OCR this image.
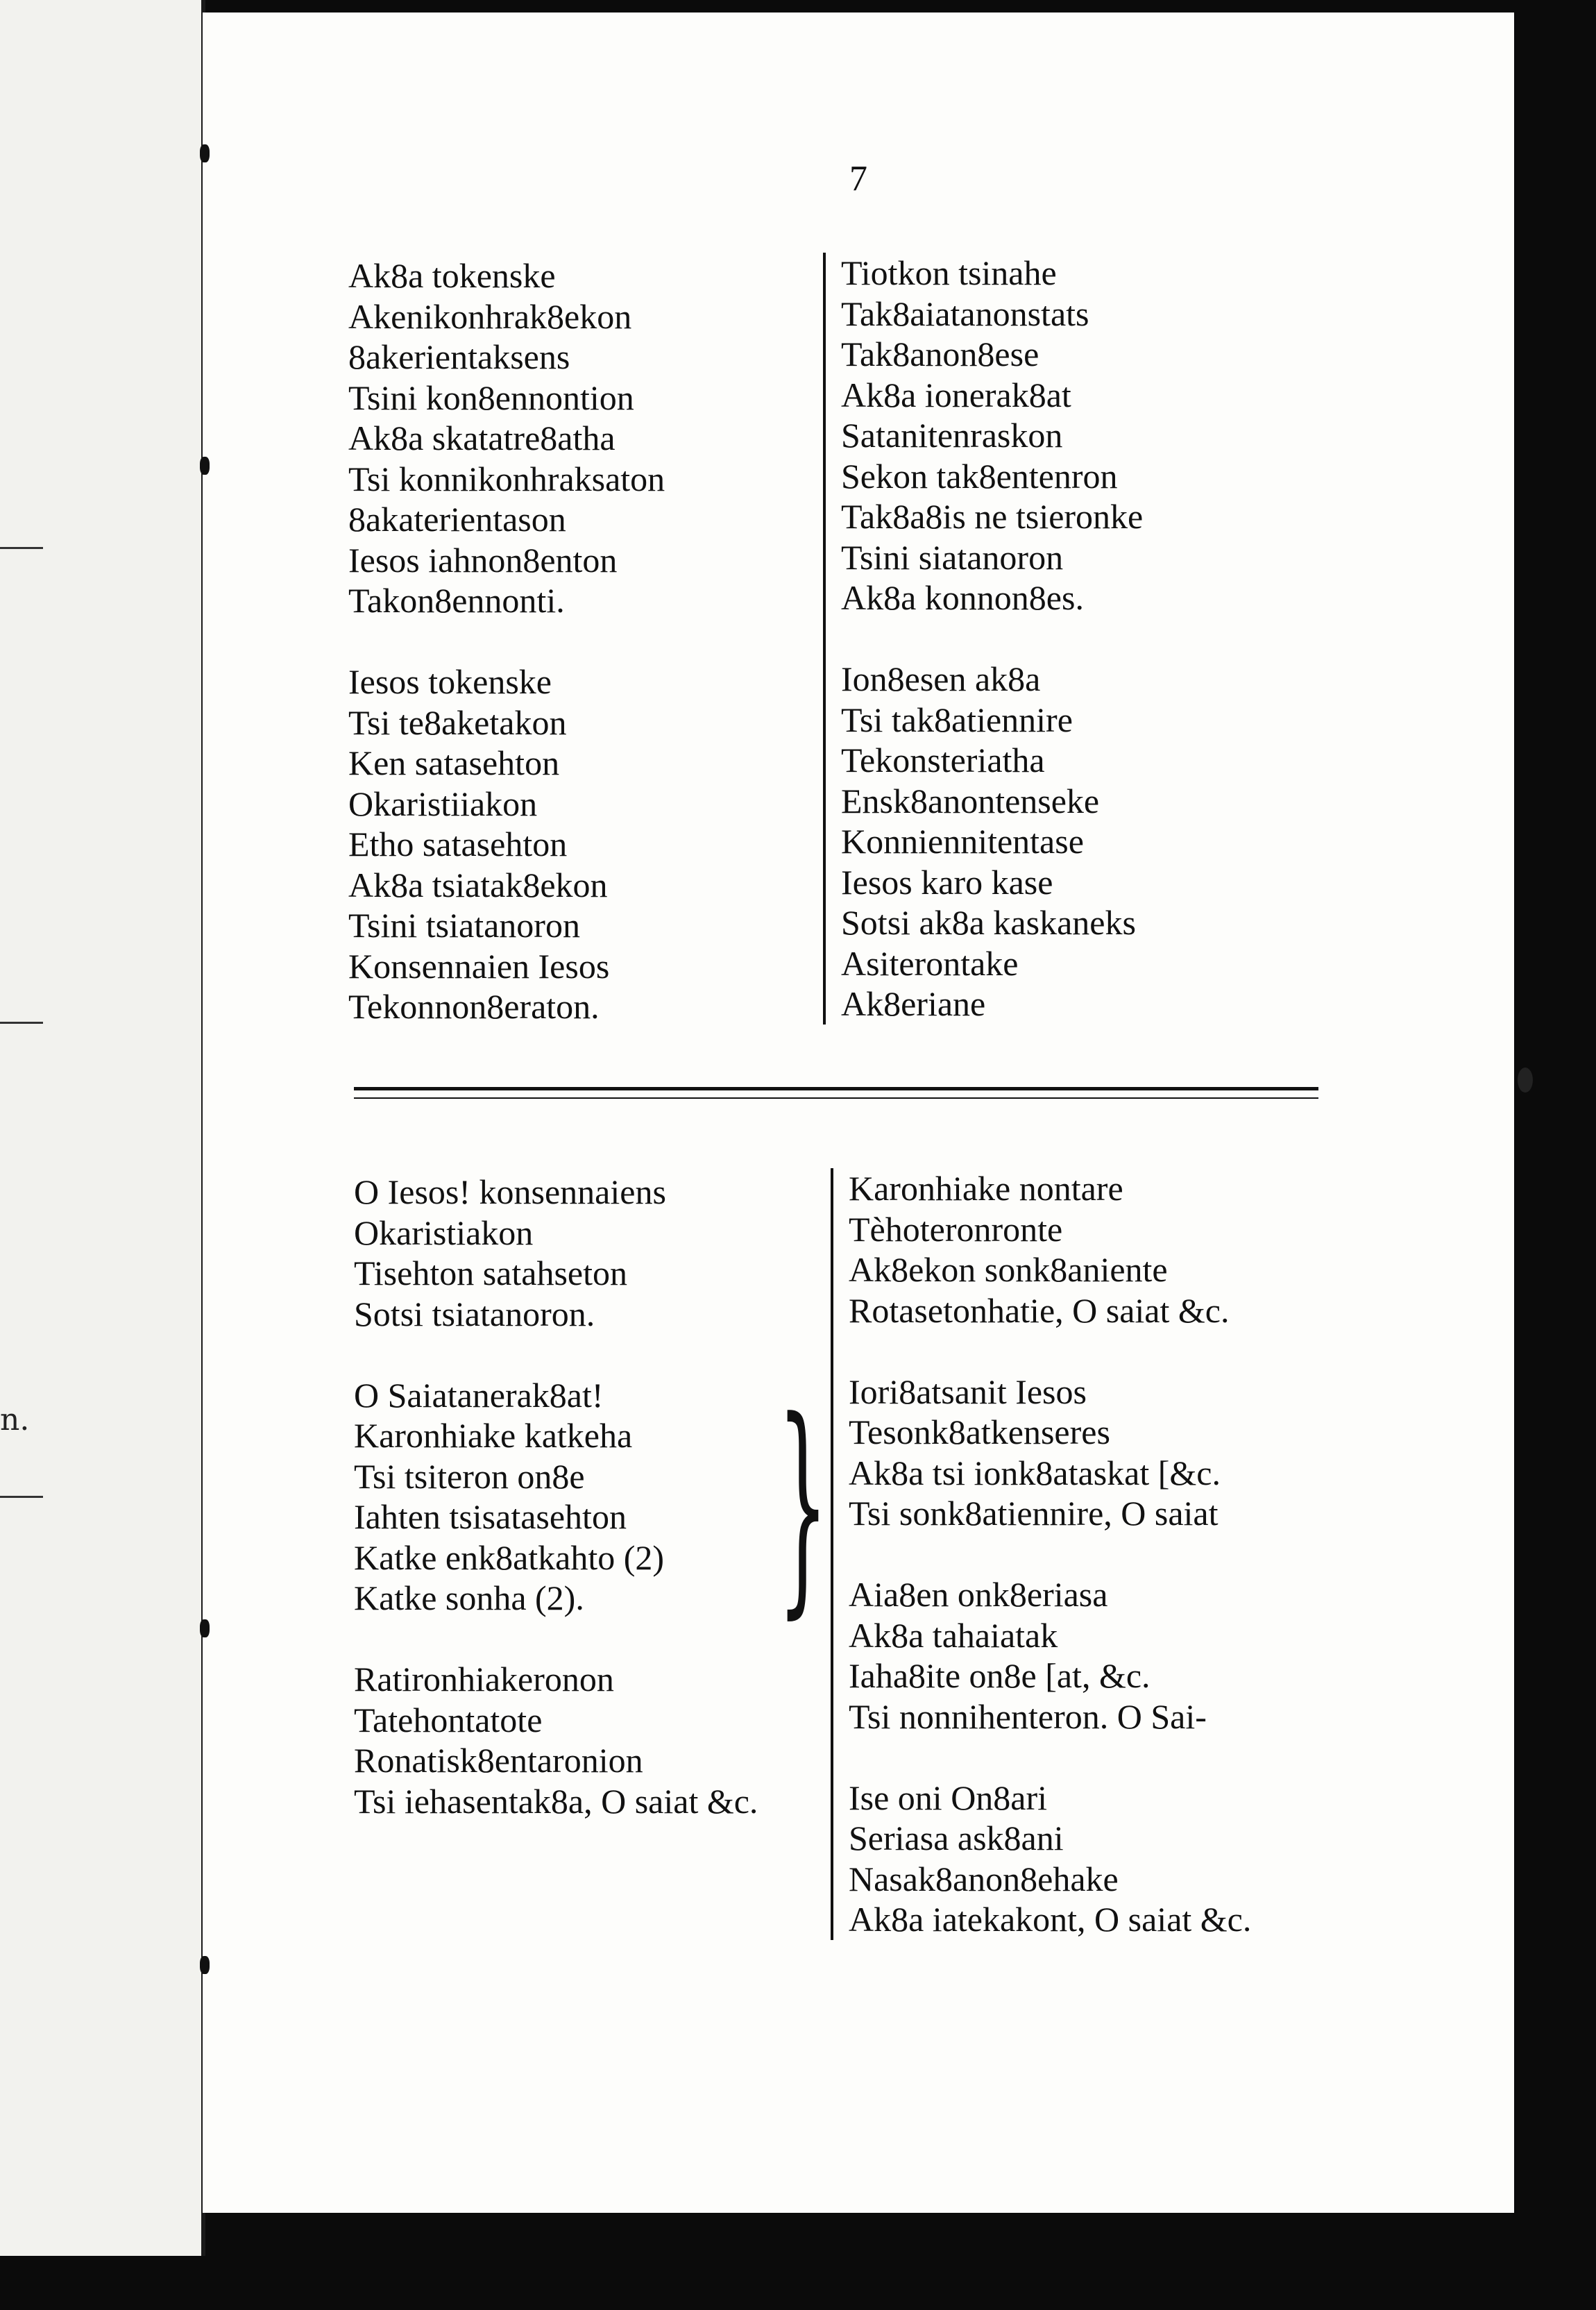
n.
7
Ak8a tokenske
Akenikonhrak8ekon
8akerientaksens
Tsini kon8ennontion
Ak8a skatatre8atha
Tsi konnikonhraksaton
8akaterientason
Iesos iahnon8enton
Takon8ennonti.
Iesos tokenske
Tsi te8aketakon
Ken satasehton
Okaristiiakon
Etho satasehton
Ak8a tsiatak8ekon
Tsini tsiatanoron
Konsennaien Iesos
Tekonnon8eraton.
Tiotkon tsinahe
Tak8aiatanonstats
Tak8anon8ese
Ak8a ionerak8at
Satanitenraskon
Sekon tak8entenron
Tak8a8is ne tsieronke
Tsini siatanoron
Ak8a konnon8es.
Ion8esen ak8a
Tsi tak8atiennire
Tekonsteriatha
Ensk8anontenseke
Konniennitentase
Iesos karo kase
Sotsi ak8a kaskaneks
Asiterontake
Ak8eriane
O Iesos! konsennaiens
Okaristiakon
Tisehton satahseton
Sotsi tsiatanoron.
O Saiatanerak8at!
Karonhiake katkeha
Tsi tsiteron on8e
Iahten tsisatasehton
Katke enk8atkahto (2)
Katke sonha (2).
Ratironhiakeronon
Tatehontatote
Ronatisk8entaronion
Tsi iehasentak8a, O saiat &c.
}
Karonhiake nontare
Tèhoteronronte
Ak8ekon sonk8aniente
Rotasetonhatie, O saiat &c.
Iori8atsanit Iesos
Tesonk8atkenseres
Ak8a tsi ionk8ataskat [&c.
Tsi sonk8atiennire, O saiat
Aia8en onk8eriasa
Ak8a tahaiatak
Iaha8ite on8e [at, &c.
Tsi nonnihenteron. O Sai-
Ise oni On8ari
Seriasa ask8ani
Nasak8anon8ehake
Ak8a iatekakont, O saiat &c.
